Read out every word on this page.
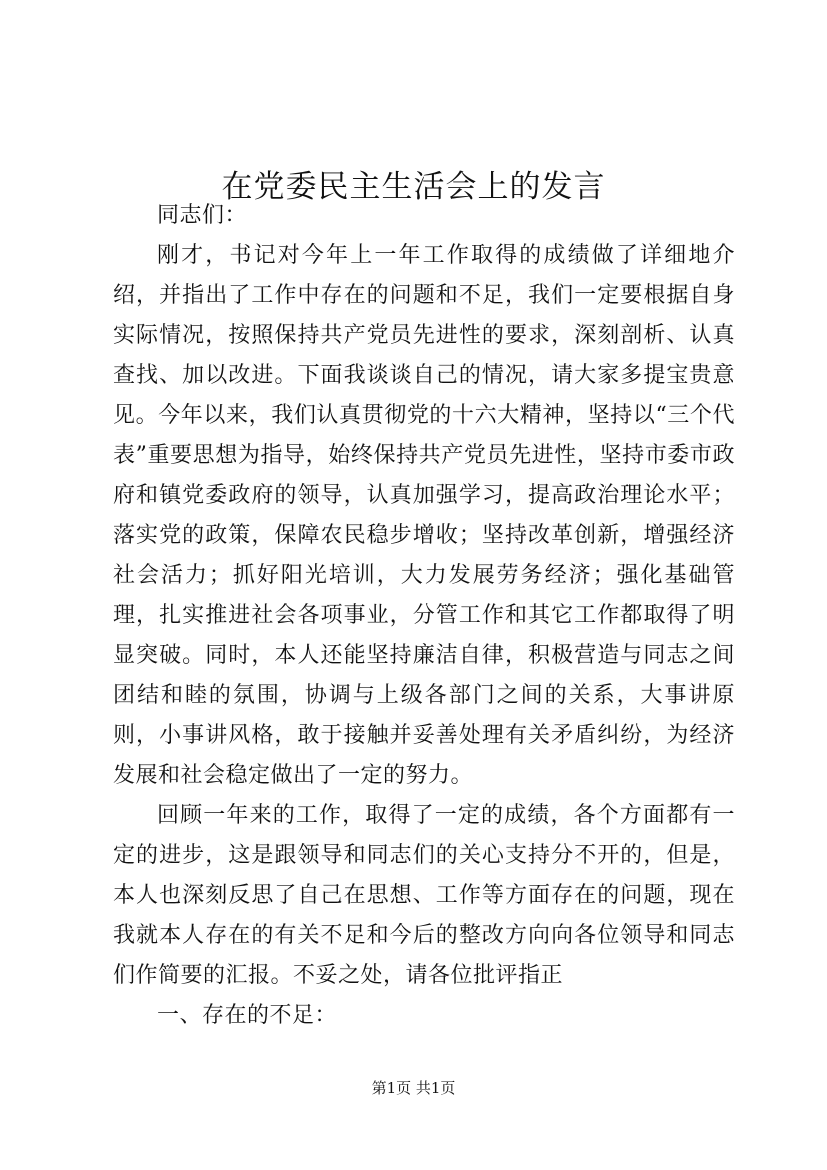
在党委民主生活会上的发言

同志们：

刚才，书记对今年上一年工作取得的成绩做了详细地介绍，并指出了工作中存在的问题和不足，我们一定要根据自身实际情况，按照保持共产党员先进性的要求，深刻剖析、认真查找、加以改进。下面我谈谈自己的情况，请大家多提宝贵意见。今年以来，我们认真贯彻党的十六大精神，坚持以“三个代表”重要思想为指导，始终保持共产党员先进性，坚持市委市政府和镇党委政府的领导，认真加强学习，提高政治理论水平；落实党的政策，保障农民稳步增收；坚持改革创新，增强经济社会活力；抓好阳光培训，大力发展劳务经济；强化基础管理，扎实推进社会各项事业，分管工作和其它工作都取得了明显突破。同时，本人还能坚持廉洁自律，积极营造与同志之间团结和睦的氛围，协调与上级各部门之间的关系，大事讲原则，小事讲风格，敢于接触并妥善处理有关矛盾纠纷，为经济发展和社会稳定做出了一定的努力。

回顾一年来的工作，取得了一定的成绩，各个方面都有一定的进步，这是跟领导和同志们的关心支持分不开的，但是，本人也深刻反思了自己在思想、工作等方面存在的问题，现在我就本人存在的有关不足和今后的整改方向向各位领导和同志们作简要的汇报。不妥之处，请各位批评指正

一、存在的不足：

第1页 共1页
